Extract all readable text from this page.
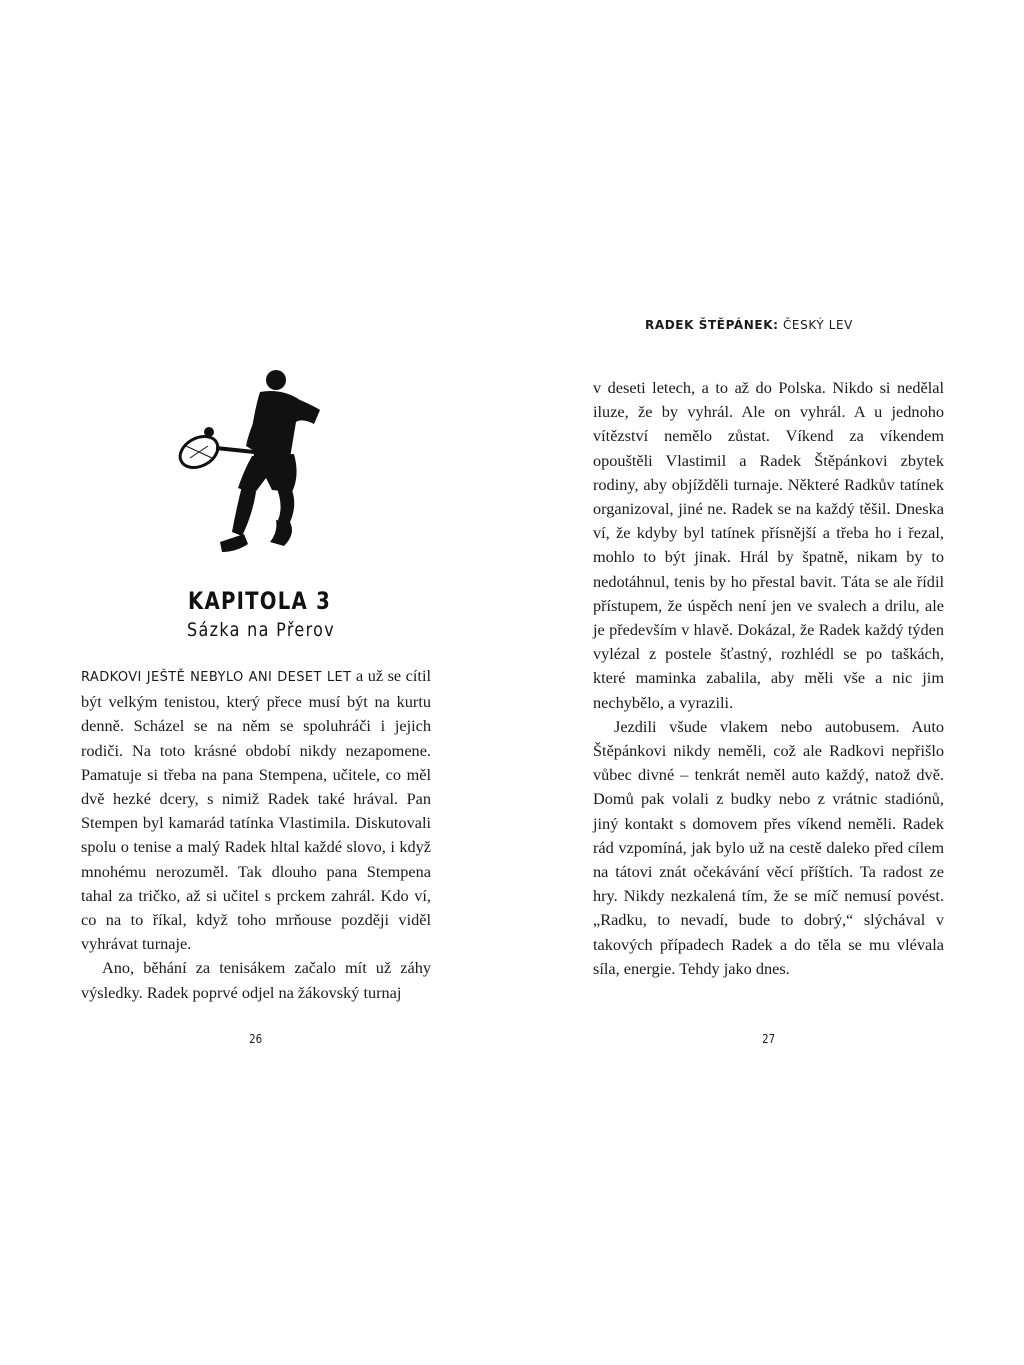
KAPITOLA 3
Sázka na Přerov

RADKOVI JEŠTĚ NEBYLO ANI DESET LET a už se cítil být velkým tenistou, který přece musí být na kurtu denně. Scházel se na něm se spoluhráči i jejich rodiči. Na toto krásné období nikdy nezapomene. Pamatuje si třeba na pana Stempena, učitele, co měl dvě hezké dcery, s nimiž Radek také hrával. Pan Stempen byl kamarád tatínka Vlastimila. Diskutovali spolu o tenise a malý Radek hltal každé slovo, i když mnohému nerozuměl. Tak dlouho pana Stempena tahal za tričko, až si učitel s prckem zahrál. Kdo ví, co na to říkal, když toho mrňouse později viděl vyhrávat turnaje.

Ano, běhání za tenisákem začalo mít už záhy výsledky. Radek poprvé odjel na žákovský turnaj

26
RADEK ŠTĚPÁNEK: ČESKÝ LEV

v deseti letech, a to až do Polska. Nikdo si nedělal iluze, že by vyhrál. Ale on vyhrál. A u jednoho vítězství nemělo zůstat. Víkend za víkendem opouštěli Vlastimil a Radek Štěpánkovi zbytek rodiny, aby objížděli turnaje. Některé Radkův tatínek organizoval, jiné ne. Radek se na každý těšil. Dneska ví, že kdyby byl tatínek přísnější a třeba ho i řezal, mohlo to být jinak. Hrál by špatně, nikam by to nedotáhnul, tenis by ho přestal bavit. Táta se ale řídil přístupem, že úspěch není jen ve svalech a drilu, ale je především v hlavě. Dokázal, že Radek každý týden vylézal z postele šťastný, rozhlédl se po taškách, které maminka zabalila, aby měli vše a nic jim nechybělo, a vyrazili.

Jezdili všude vlakem nebo autobusem. Auto Štěpánkovi nikdy neměli, což ale Radkovi nepřišlo vůbec divné – tenkrát neměl auto každý, natož dvě. Domů pak volali z budky nebo z vrátnic stadiónů, jiný kontakt s domovem přes víkend neměli. Radek rád vzpomíná, jak bylo už na cestě daleko před cílem na tátovi znát očekávání věcí příštích. Ta radost ze hry. Nikdy nezkalená tím, že se míč nemusí povést. „Radku, to nevadí, bude to dobrý,“ slýchával v takových případech Radek a do těla se mu vlévala síla, energie. Tehdy jako dnes.

27
